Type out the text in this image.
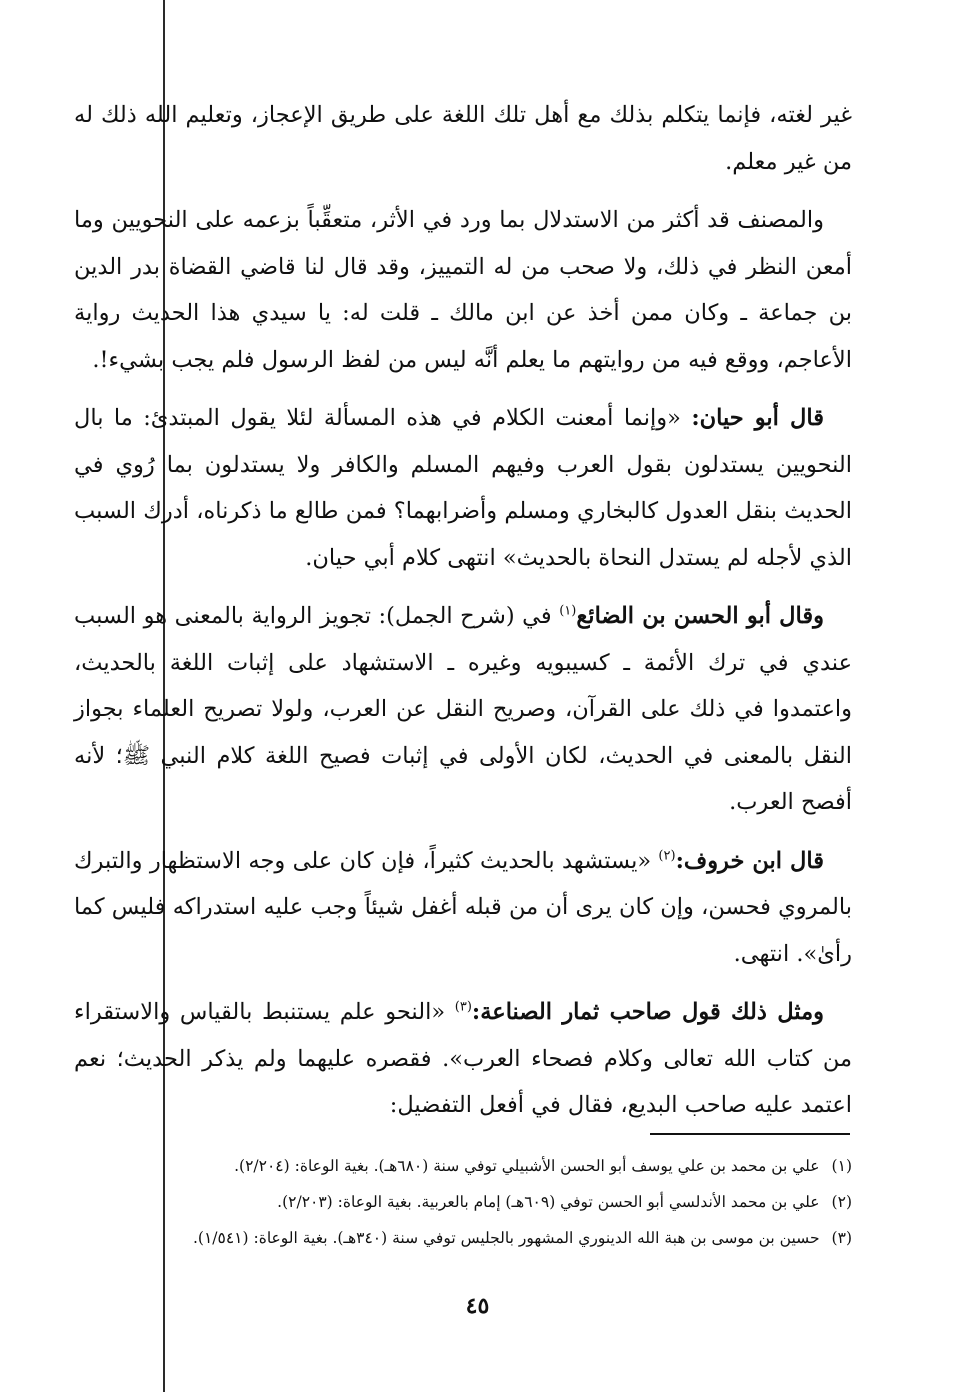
غير لغته، فإنما يتكلم بذلك مع أهل تلك اللغة على طريق الإعجاز، وتعليم الله ذلك له من غير معلم.

والمصنف قد أكثر من الاستدلال بما ورد في الأثر، متعقِّباً بزعمه على النحويين وما أمعن النظر في ذلك، ولا صحب من له التمييز، وقد قال لنا قاضي القضاة بدر الدين بن جماعة ـ وكان ممن أخذ عن ابن مالك ـ قلت له: يا سيدي هذا الحديث رواية الأعاجم، ووقع فيه من روايتهم ما يعلم أنَّه ليس من لفظ الرسول فلم يجب بشيء!.

قال أبو حيان: «وإنما أمعنت الكلام في هذه المسألة لئلا يقول المبتدئ: ما بال النحويين يستدلون بقول العرب وفيهم المسلم والكافر ولا يستدلون بما رُوي في الحديث بنقل العدول كالبخاري ومسلم وأضرابهما؟ فمن طالع ما ذكرناه، أدرك السبب الذي لأجله لم يستدل النحاة بالحديث» انتهى كلام أبي حيان.

وقال أبو الحسن بن الضائع$^{(١)}$ في (شرح الجمل): تجويز الرواية بالمعنى هو السبب عندي في ترك الأئمة ـ كسيبويه وغيره ـ الاستشهاد على إثبات اللغة بالحديث، واعتمدوا في ذلك على القرآن، وصريح النقل عن العرب، ولولا تصريح العلماء بجواز النقل بالمعنى في الحديث، لكان الأولى في إثبات فصيح اللغة كلام النبي ﷺ؛ لأنه أفصح العرب.

قال ابن خروف:$^{(٢)}$ «يستشهد بالحديث كثيراً، فإن كان على وجه الاستظهار والتبرك بالمروي فحسن، وإن كان يرى أن من قبله أغفل شيئاً وجب عليه استدراكه فليس كما رأىٰ». انتهى.

ومثل ذلك قول صاحب ثمار الصناعة:$^{(٣)}$ «النحو علم يستنبط بالقياس والاستقراء من كتاب الله تعالى وكلام فصحاء العرب». فقصره عليهما ولم يذكر الحديث؛ نعم اعتمد عليه صاحب البديع، فقال في أفعل التفضيل:

(١)علي بن محمد بن علي يوسف أبو الحسن الأشبيلي توفي سنة (٦٨٠هـ). بغية الوعاة: (٢/٢٠٤).

(٢)علي بن محمد الأندلسي أبو الحسن توفي (٦٠٩هـ) إمام بالعربية. بغية الوعاة: (٢/٢٠٣).

(٣)حسين بن موسى بن هبة الله الدينوري المشهور بالجليس توفي سنة (٣٤٠هـ). بغية الوعاة: (١/٥٤١).

٤٥
